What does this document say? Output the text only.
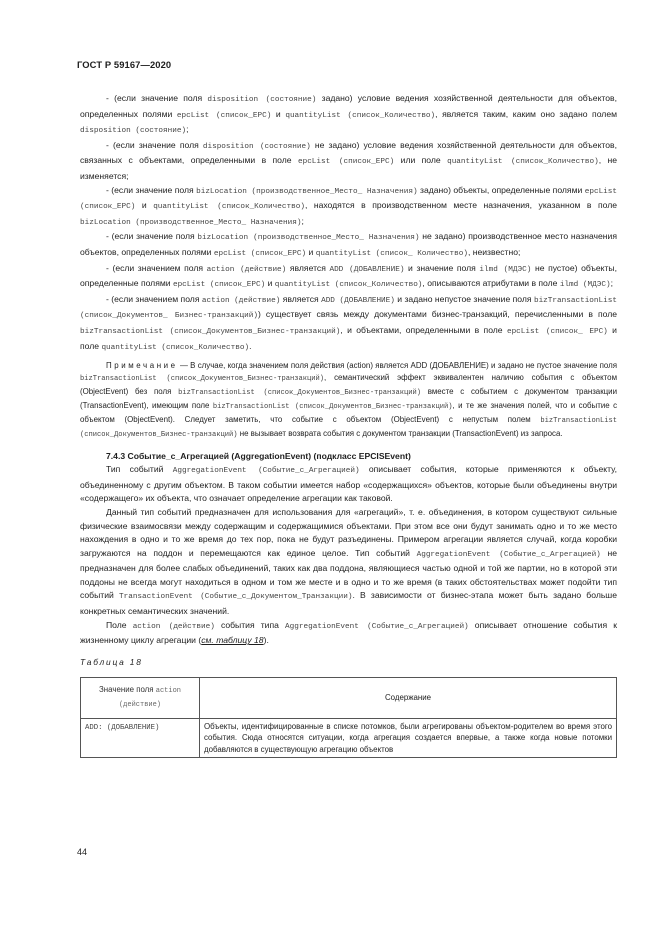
ГОСТ Р 59167—2020

- (если значение поля disposition (состояние) задано) условие ведения хозяйственной деятельности для объектов, определенных полями epcList (список_EPC) и quantityList (список_Количество), является таким, каким оно задано полем disposition (состояние);

- (если значение поля disposition (состояние) не задано) условие ведения хозяйственной деятельности для объектов, связанных с объектами, определенными в поле epcList (список_EPC) или поле quantityList (список_Количество), не изменяется;

- (если значение поля bizLocation (производственное_Место_ Назначения) задано) объекты, определенные полями epcList (список_EPC) и quantityList (список_Количество), находятся в производственном месте назначения, указанном в поле bizLocation (производственное_Место_ Назначения);

- (если значение поля bizLocation (производственное_Место_ Назначения) не задано) производственное место назначения объектов, определенных полями epcList (список_EPC) и quantityList (список_ Количество), неизвестно;

- (если значением поля action (действие) является ADD (ДОБАВЛЕНИЕ) и значение поля ilmd (МДЭС) не пустое) объекты, определенные полями epcList (список_EPC) и quantityList (список_Количество), описываются атрибутами в поле ilmd (МДЭС);

- (если значением поля action (действие) является ADD (ДОБАВЛЕНИЕ) и задано непустое значение поля bizTransactionList (список_Документов_ Бизнес-транзакций)) существует связь между документами бизнес-транзакций, перечисленными в поле bizTransactionList (список_Документов_Бизнес-транзакций), и объектами, определенными в поле epcList (список_ EPC) и поле quantityList (список_Количество).

Примечание — В случае, когда значением поля действия (action) является ADD (ДОБАВЛЕНИЕ) и задано не пустое значение поля bizTransactionList (список_Документов_Бизнес-транзакций), семантический эффект эквивалентен наличию события с объектом (ObjectEvent) без поля bizTransactionList (список_Документов_Бизнес-транзакций) вместе с событием с документом транзакции (TransactionEvent), имеющим поле bizTransactionList (список_Документов_Бизнес-транзакций), и те же значения полей, что и событие с объектом (ObjectEvent). Следует заметить, что событие с объектом (ObjectEvent) с непустым полем bizTransactionList (список_Документов_Бизнес-транзакций) не вызывает возврата события с документом транзакции (TransactionEvent) из запроса.

7.4.3 Событие_с_Агрегацией (AggregationEvent) (подкласс EPCISEvent)

Тип событий AggregationEvent (Событие_с_Агрегацией) описывает события, которые применяются к объекту, объединенному с другим объектом. В таком событии имеется набор «содержащихся» объектов, которые были объединены внутри «содержащего» их объекта, что означает определение агрегации как таковой.

Данный тип событий предназначен для использования для «агрегаций», т. е. объединения, в котором существуют сильные физические взаимосвязи между содержащим и содержащимися объектами. При этом все они будут занимать одно и то же место нахождения в одно и то же время до тех пор, пока не будут разъединены. Примером агрегации является случай, когда коробки загружаются на поддон и перемещаются как единое целое. Тип событий AggregationEvent (Событие_с_Агрегацией) не предназначен для более слабых объединений, таких как два поддона, являющиеся частью одной и той же партии, но в которой эти поддоны не всегда могут находиться в одном и том же месте и в одно и то же время (в таких обстоятельствах может подойти тип событий TransactionEvent (Событие_с_Документом_Транзакции). В зависимости от бизнес-этапа может быть задано больше конкретных семантических значений.

Поле action (действие) события типа AggregationEvent (Событие_с_Агрегацией) описывает отношение события к жизненному циклу агрегации (см. таблицу 18).

Таблица 18

Значение поля action (действие)	Содержание
ADD: (ДОБАВЛЕНИЕ)	Объекты, идентифицированные в списке потомков, были агрегированы объектом-родителем во время этого события. Сюда относятся ситуации, когда агрегация создается впервые, а также когда новые потомки добавляются в существующую агрегацию объектов
44
